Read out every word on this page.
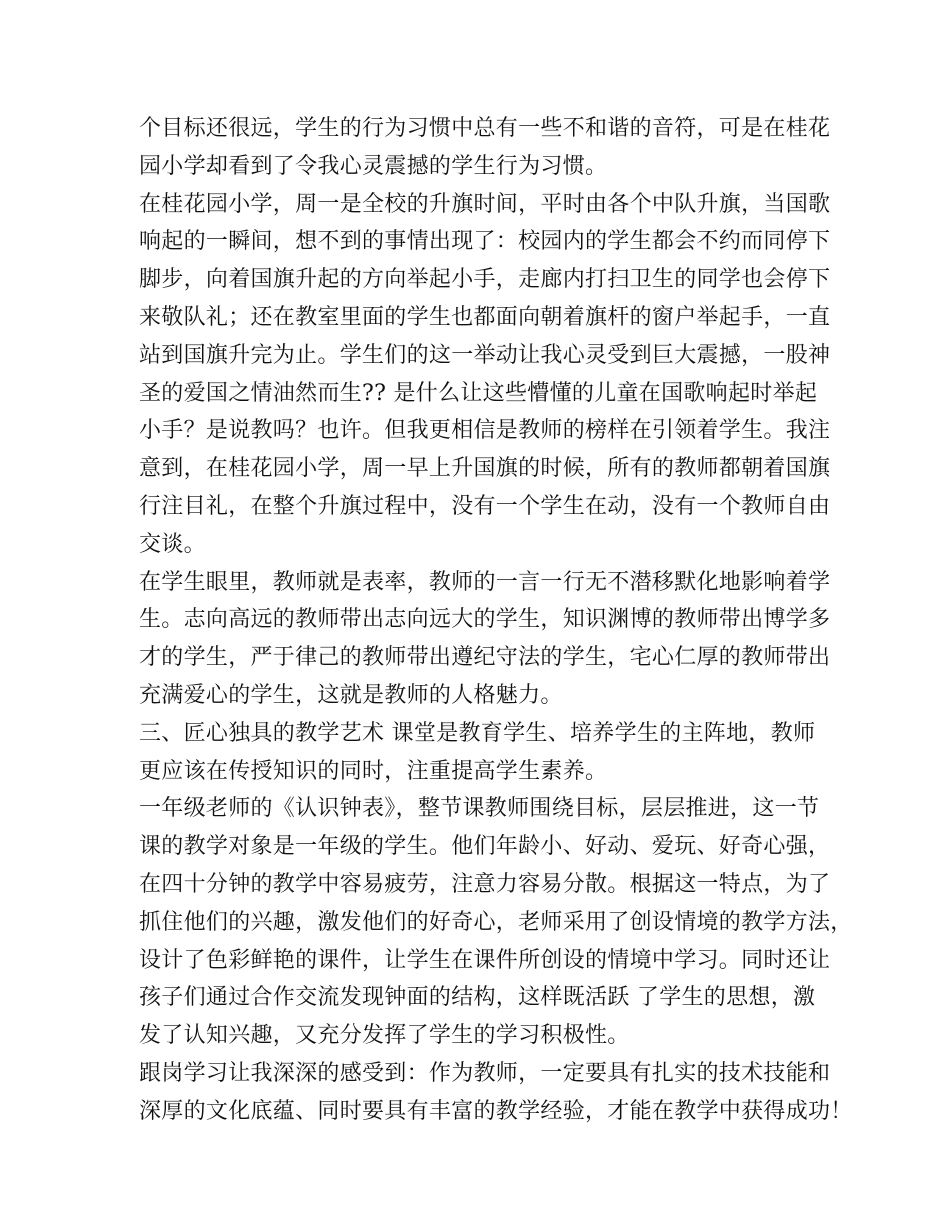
个目标还很远，学生的行为习惯中总有一些不和谐的音符，可是在桂花
园小学却看到了令我心灵震撼的学生行为习惯。
在桂花园小学，周一是全校的升旗时间，平时由各个中队升旗，当国歌
响起的一瞬间，想不到的事情出现了：校园内的学生都会不约而同停下
脚步，向着国旗升起的方向举起小手，走廊内打扫卫生的同学也会停下
来敬队礼；还在教室里面的学生也都面向朝着旗杆的窗户举起手，一直
站到国旗升完为止。学生们的这一举动让我心灵受到巨大震撼，一股神
圣的爱国之情油然而生?? 是什么让这些懵懂的儿童在国歌响起时举起
小手？是说教吗？也许。但我更相信是教师的榜样在引领着学生。我注
意到，在桂花园小学，周一早上升国旗的时候，所有的教师都朝着国旗
行注目礼，在整个升旗过程中，没有一个学生在动，没有一个教师自由
交谈。
在学生眼里，教师就是表率，教师的一言一行无不潜移默化地影响着学
生。志向高远的教师带出志向远大的学生，知识渊博的教师带出博学多
才的学生，严于律己的教师带出遵纪守法的学生，宅心仁厚的教师带出
充满爱心的学生，这就是教师的人格魅力。
三、匠心独具的教学艺术 课堂是教育学生、培养学生的主阵地，教师
更应该在传授知识的同时，注重提高学生素养。
一年级老师的《认识钟表》，整节课教师围绕目标，层层推进，这一节
课的教学对象是一年级的学生。他们年龄小、好动、爱玩、好奇心强，
在四十分钟的教学中容易疲劳，注意力容易分散。根据这一特点，为了
抓住他们的兴趣，激发他们的好奇心，老师采用了创设情境的教学方法，
设计了色彩鲜艳的课件，让学生在课件所创设的情境中学习。同时还让
孩子们通过合作交流发现钟面的结构，这样既活跃 了学生的思想，激
发了认知兴趣，又充分发挥了学生的学习积极性。
跟岗学习让我深深的感受到：作为教师，一定要具有扎实的技术技能和
深厚的文化底蕴、同时要具有丰富的教学经验，才能在教学中获得成功！
